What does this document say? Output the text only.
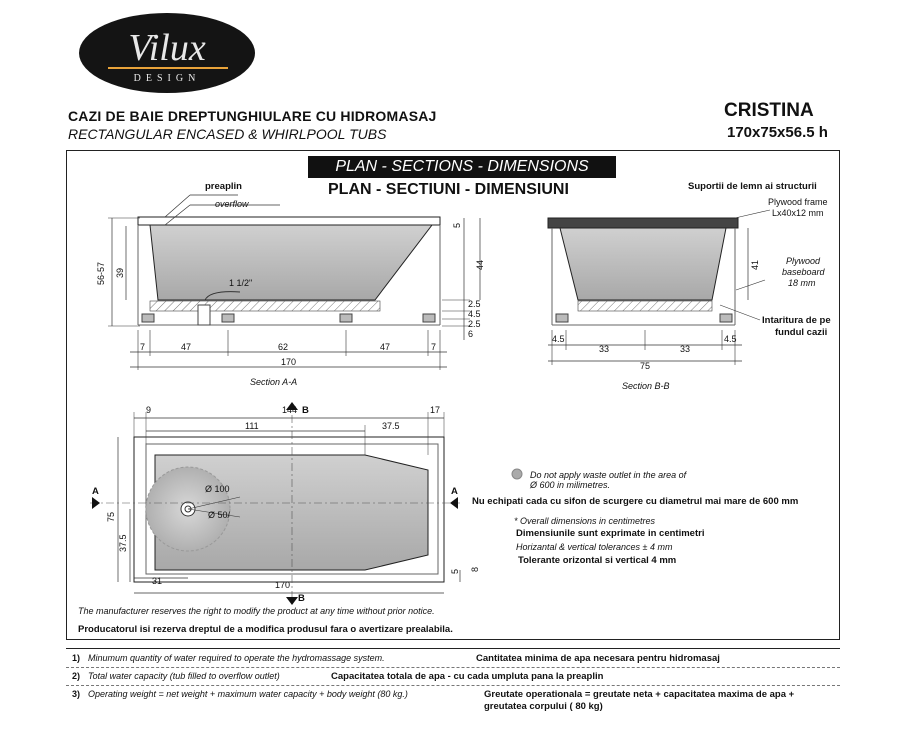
Vilux
DESIGN
CAZI DE BAIE DREPTUNGHIULARE CU HIDROMASAJ
RECTANGULAR ENCASED & WHIRLPOOL TUBS
CRISTINA
170x75x56.5 h
PLAN - SECTIONS - DIMENSIONS
PLAN - SECTIUNI - DIMENSIUNI
preaplin
overflow
1 1/2"
7	47	62	47	7
170
56-57 39
44
5
2.5
4.5
2.5
6
Section A-A
Suportii de lemn ai structurii
Plywood frame
Lx40x12 mm
Plywood
baseboard
18 mm
Intaritura de pe
fundul cazii
4.5
33	33
4.5
75
41
Section B-B
9	144	17
111	37.5
75
37.5
31	170
5 8
Ø 100
Ø 50/
A	A
B
B
Do not apply waste outlet in the area of
Ø 600 in milimetres.
Nu echipati cada cu sifon de scurgere cu diametrul mai mare de 600 mm
* Overall dimensions in centimetres
Dimensiunile sunt exprimate in centimetri
Horizantal & vertical tolerances ± 4 mm
Tolerante orizontal si vertical 4 mm
The manufacturer reserves the right to modify the product at any time without prior notice.
Producatorul isi rezerva dreptul de a modifica produsul fara o avertizare prealabila.
1) Minumum quantity of water required to operate the hydromassage system.	Cantitatea minima de apa necesara pentru hidromasaj
2) Total water capacity (tub filled to overflow outlet)	Capacitatea totala de apa - cu cada umpluta pana la preaplin
3) Operating weight = net weight + maximum water capacity + body weight (80 kg.)	Greutate operationala = greutate neta + capacitatea maxima de apa + greutatea corpului ( 80 kg)
